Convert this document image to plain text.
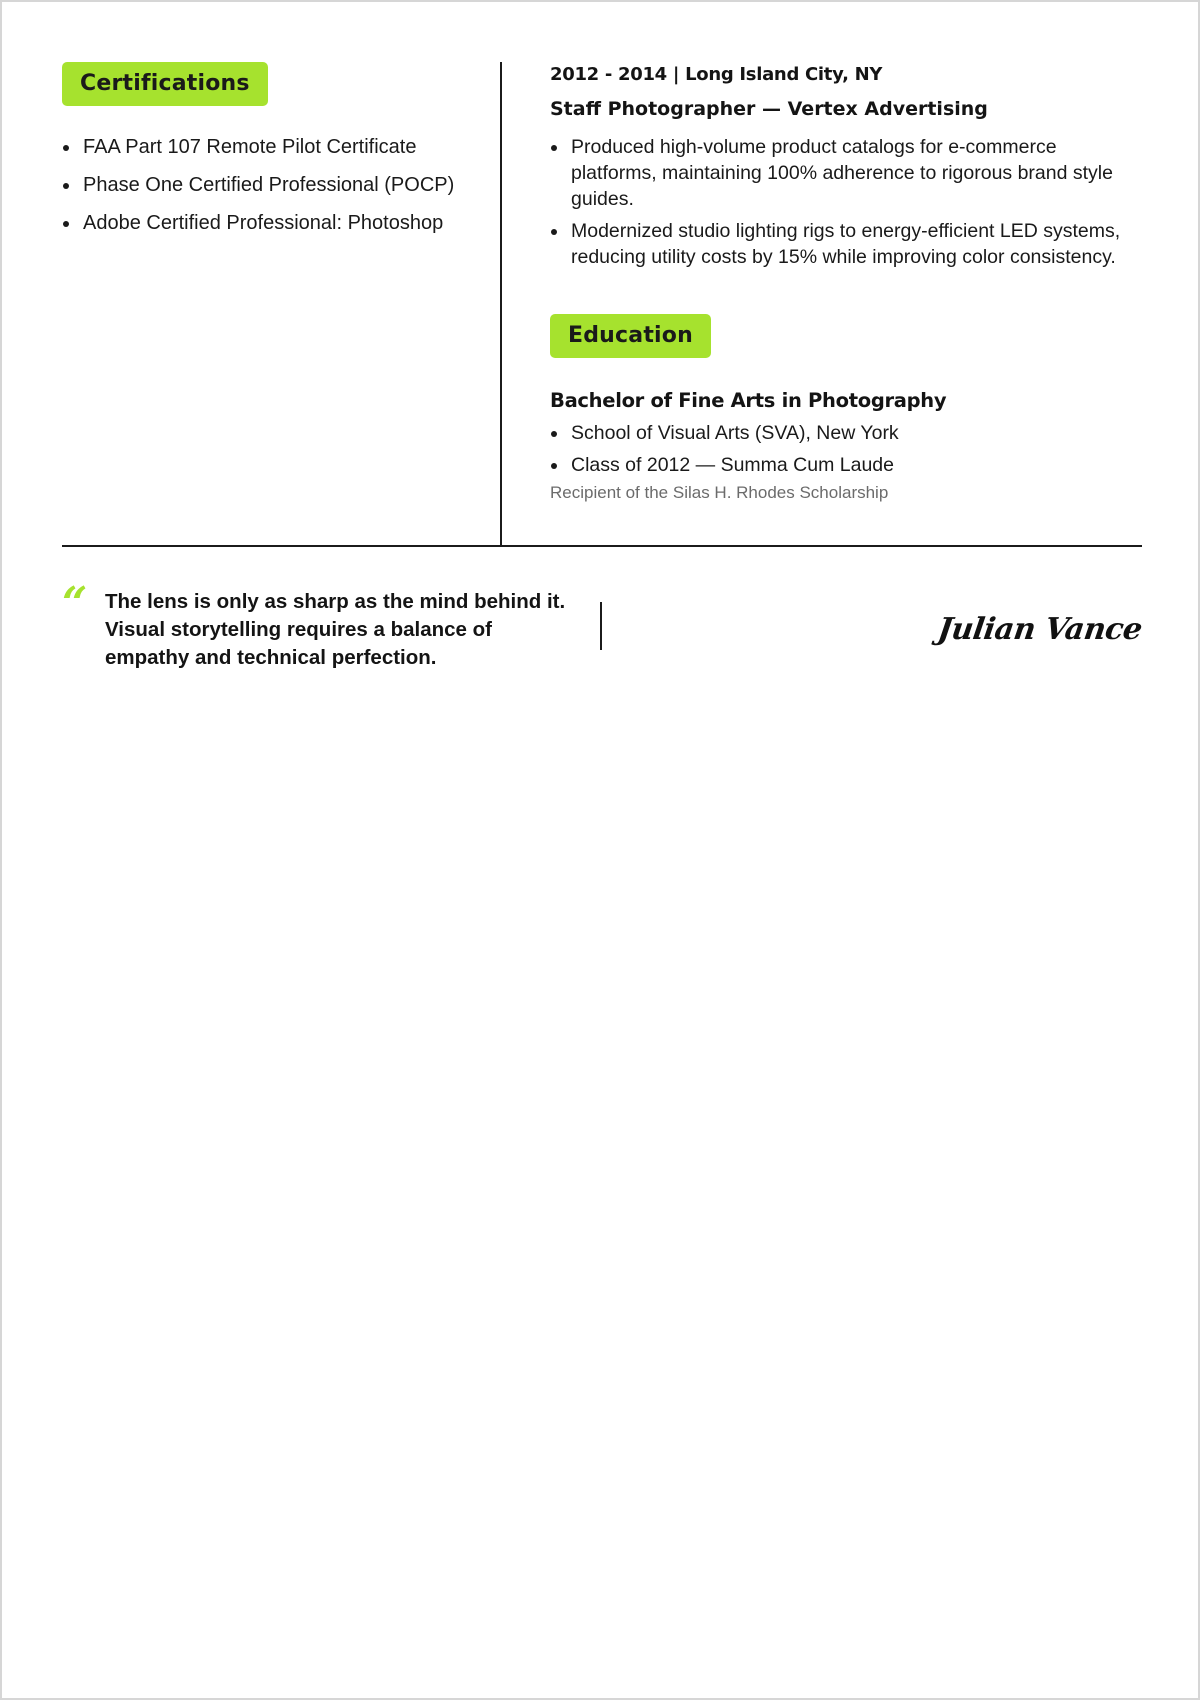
Certifications
FAA Part 107 Remote Pilot Certificate
Phase One Certified Professional (POCP)
Adobe Certified Professional: Photoshop
2012 - 2014 | Long Island City, NY
Staff Photographer — Vertex Advertising
Produced high-volume product catalogs for e-commerce platforms, maintaining 100% adherence to rigorous brand style guides.
Modernized studio lighting rigs to energy-efficient LED systems, reducing utility costs by 15% while improving color consistency.
Education
Bachelor of Fine Arts in Photography
School of Visual Arts (SVA), New York
Class of 2012 — Summa Cum Laude
Recipient of the Silas H. Rhodes Scholarship
“ The lens is only as sharp as the mind behind it. Visual storytelling requires a balance of empathy and technical perfection.
Julian Vance
